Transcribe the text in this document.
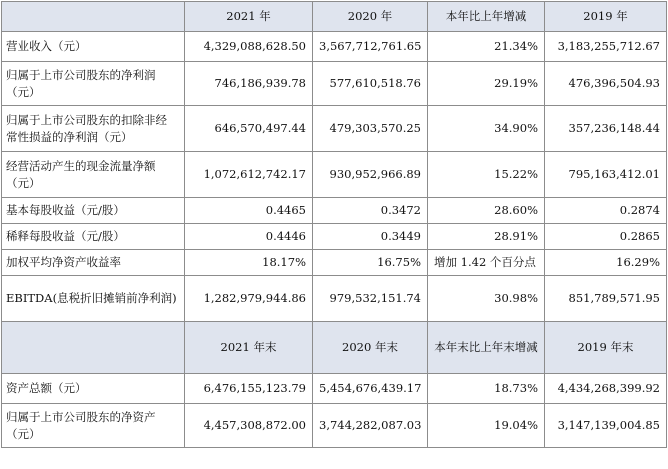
	2021 年	2020 年	本年比上年增减	2019 年
营业收入（元）	4,329,088,628.50	3,567,712,761.65	21.34%	3,183,255,712.67
归属于上市公司股东的净利润（元）	746,186,939.78	577,610,518.76	29.19%	476,396,504.93
归属于上市公司股东的扣除非经常性损益的净利润（元）	646,570,497.44	479,303,570.25	34.90%	357,236,148.44
经营活动产生的现金流量净额（元）	1,072,612,742.17	930,952,966.89	15.22%	795,163,412.01
基本每股收益（元/股）	0.4465	0.3472	28.60%	0.2874
稀释每股收益（元/股）	0.4446	0.3449	28.91%	0.2865
加权平均净资产收益率	18.17%	16.75%	增加 1.42 个百分点	16.29%
EBITDA(息税折旧摊销前净利润)	1,282,979,944.86	979,532,151.74	30.98%	851,789,571.95
	2021 年末	2020 年末	本年末比上年末增减	2019 年末
资产总额（元）	6,476,155,123.79	5,454,676,439.17	18.73%	4,434,268,399.92
归属于上市公司股东的净资产（元）	4,457,308,872.00	3,744,282,087.03	19.04%	3,147,139,004.85
